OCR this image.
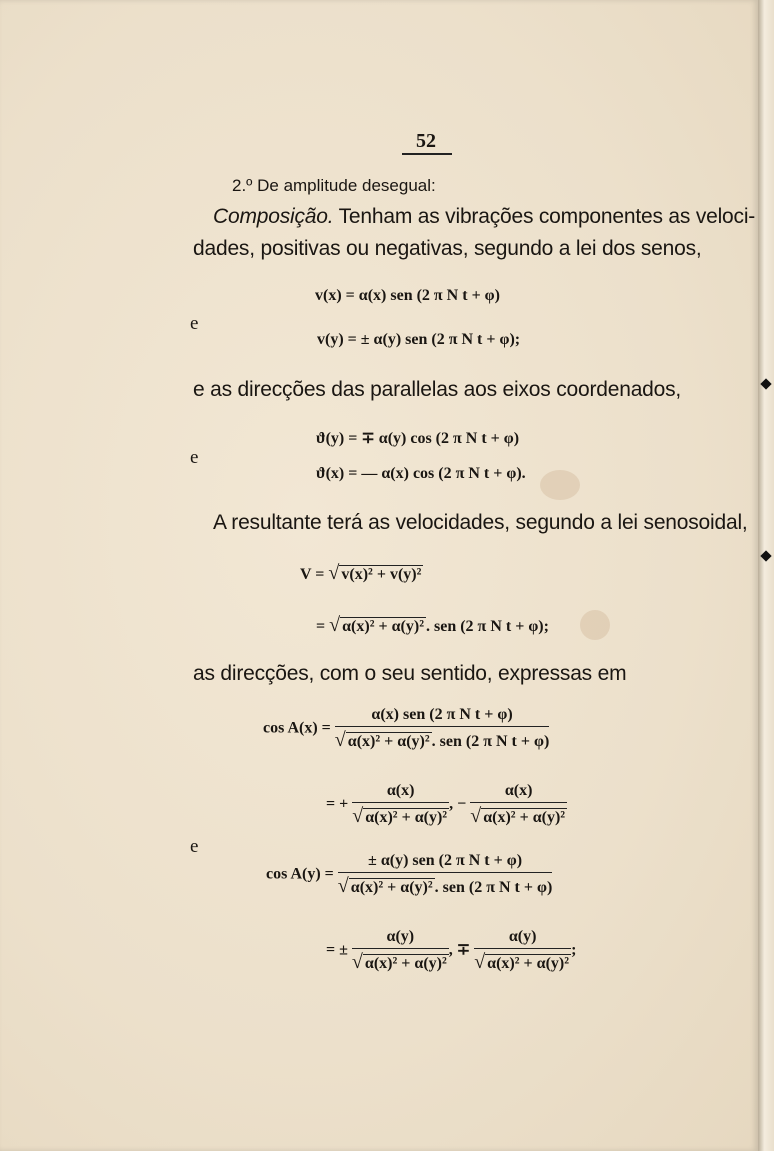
52
2.º De amplitude desegual:
Composição. Tenham as vibrações componentes as veloci-
dades, positivas ou negativas, segundo a lei dos senos,
v(x) = α(x) sen (2 π N t + φ)
e
v(y) = ± α(y) sen (2 π N t + φ);
e as direcções das parallelas aos eixos coordenados,
ϑ(y) = ∓ α(y) cos (2 π N t + φ)
e
ϑ(x) = — α(x) cos (2 π N t + φ).
A resultante terá as velocidades, segundo a lei senosoidal,
V = √ v(x)² + v(y)²
= √ α(x)² + α(y)² . sen (2 π N t + φ);
as direcções, com o seu sentido, expressas em
$\cos A(x) = \frac{\text{α(x) sen (2 π N t + φ)}}{\text{√ α(x)² + α(y)² . sen (2 π N t + φ)}}$
= + $\frac{\alpha(x)}{\text{√ α(x)² + α(y)²}}$ , − $\frac{\alpha(x)}{\text{√ α(x)² + α(y)²}}$
e
$\cos A(y) = \frac{\text{± α(y) sen (2 π N t + φ)}}{\text{√ α(x)² + α(y)² . sen (2 π N t + φ)}}$
= ± $\frac{\alpha(y)}{\text{√ α(x)² + α(y)²}}$ , ∓ $\frac{\alpha(y)}{\text{√ α(x)² + α(y)²}}$ ;
